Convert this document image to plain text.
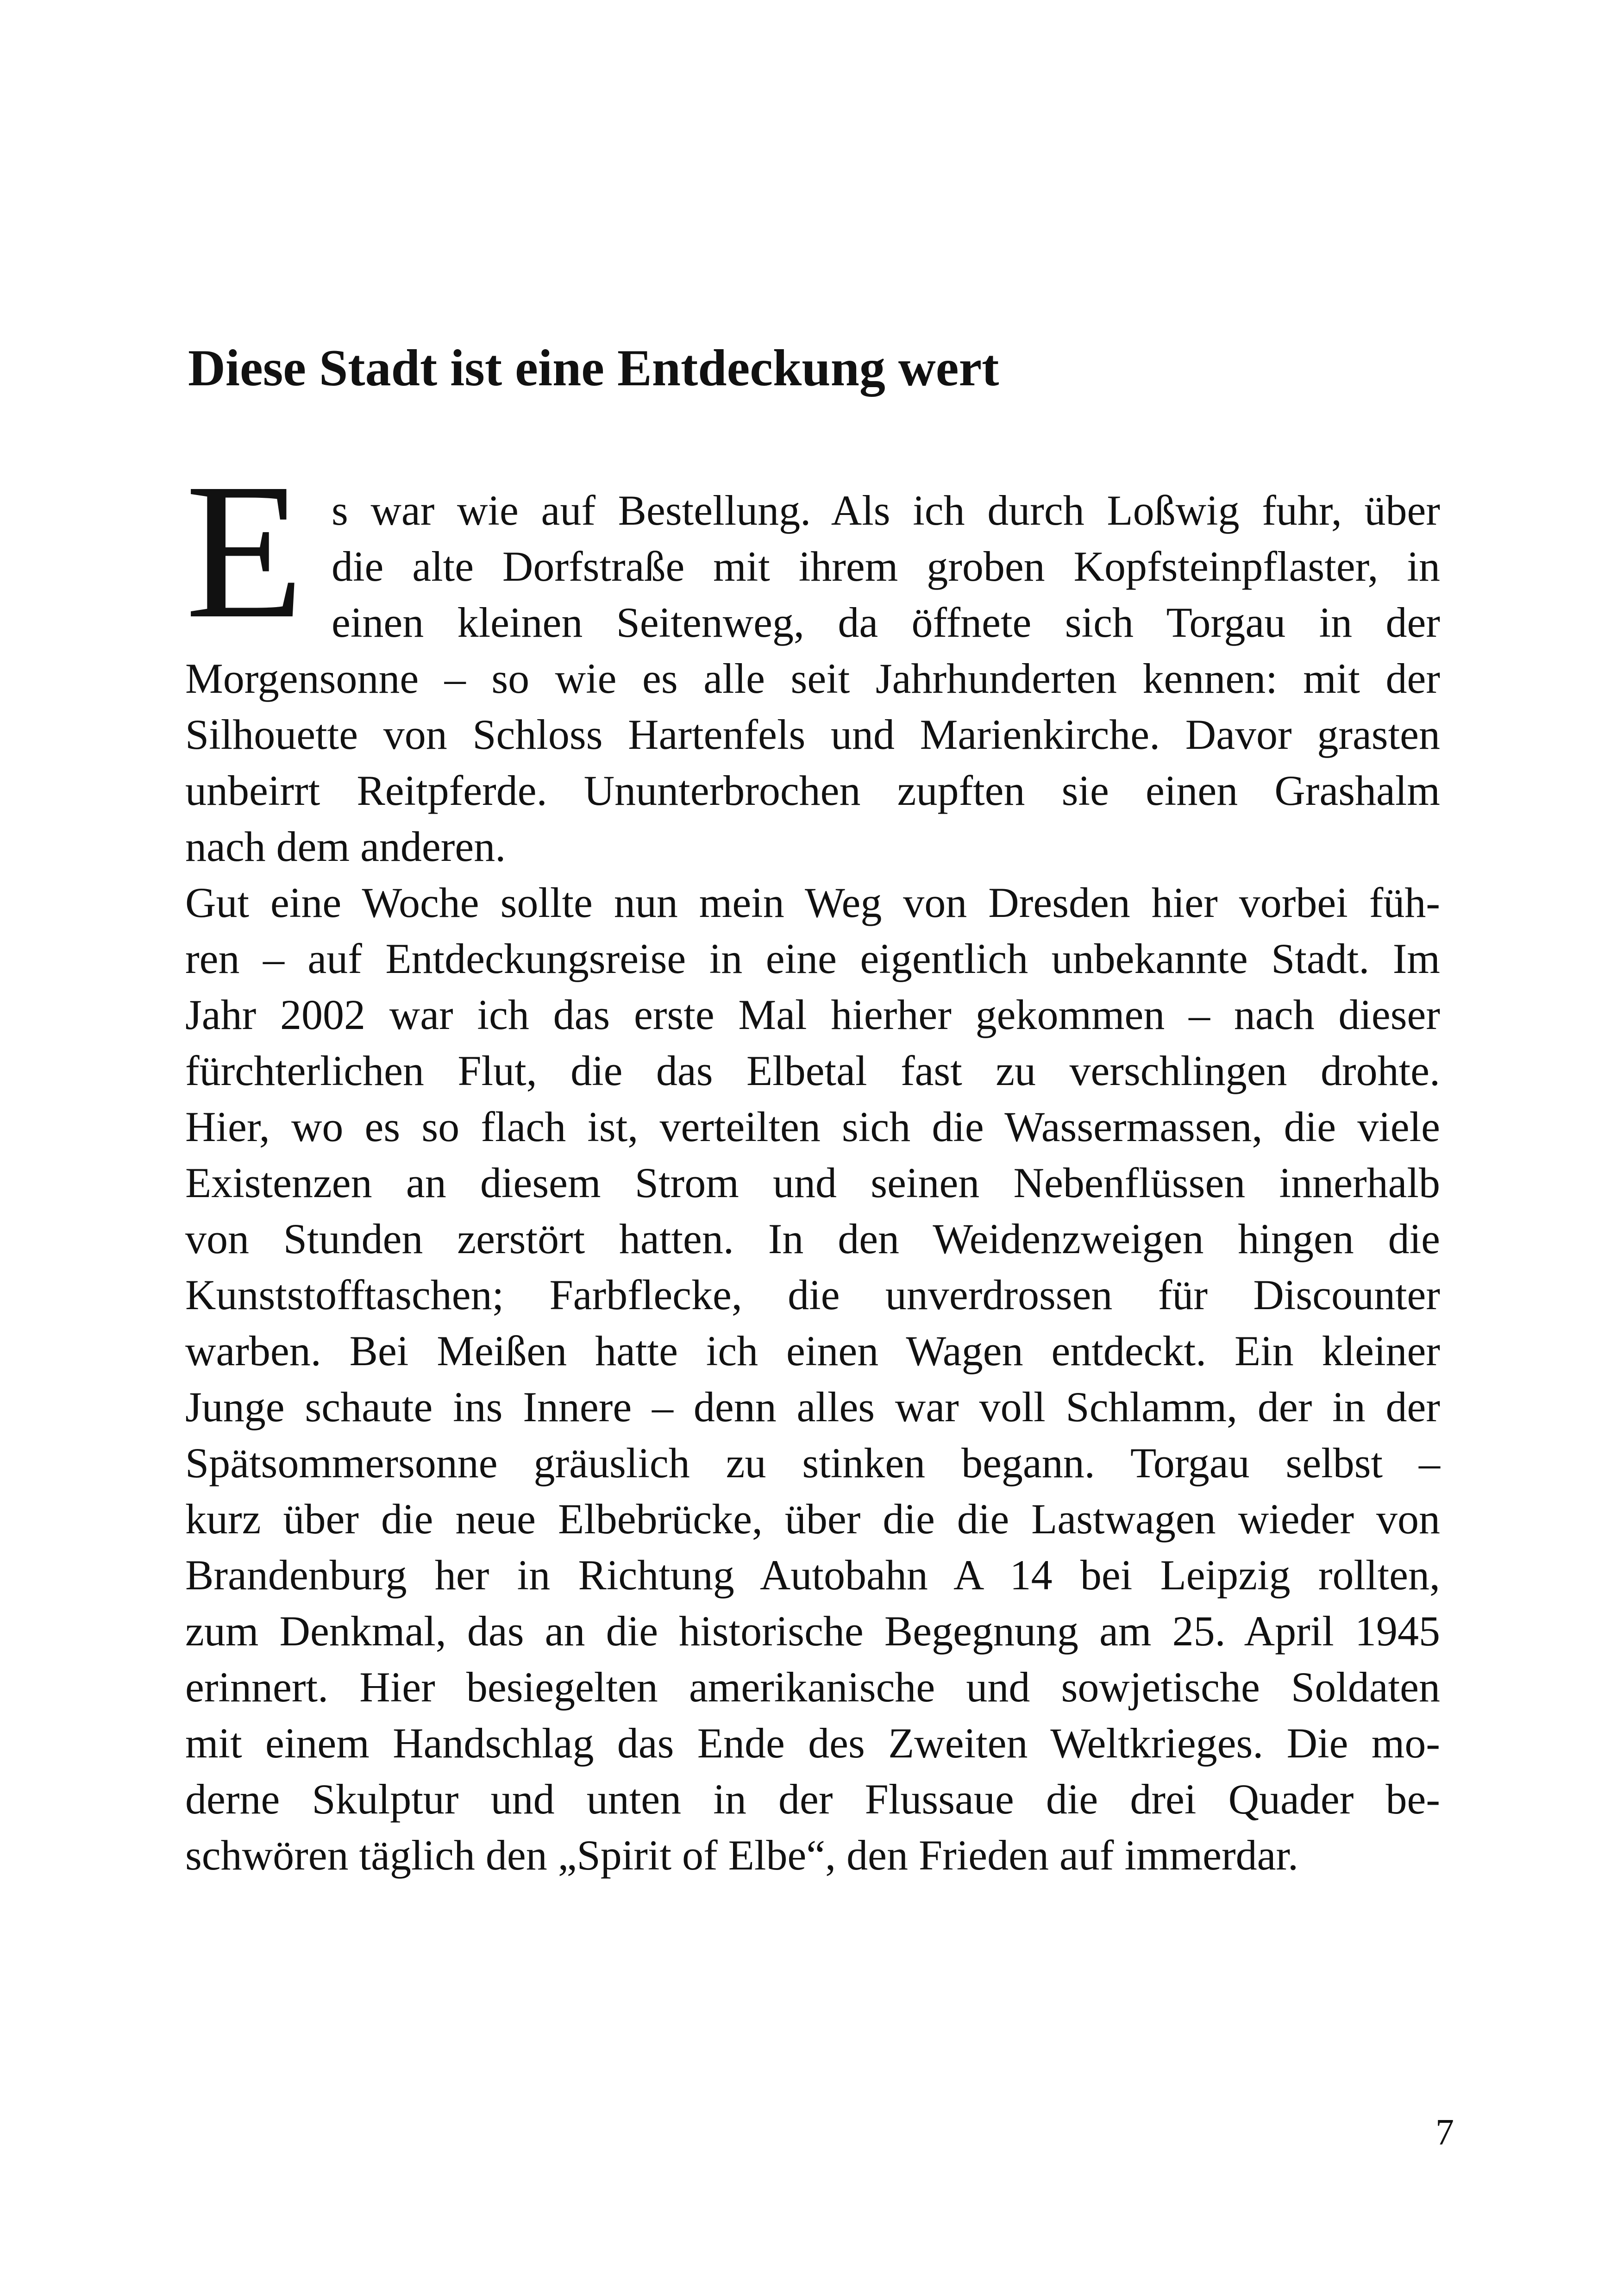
Diese Stadt ist eine Entdeckung wert
E s war wie auf Bestellung. Als ich durch Loßwig fuhr, über
die alte Dorfstraße mit ihrem groben Kopfsteinpflaster, in
einen kleinen Seitenweg, da öffnete sich Torgau in der
Morgensonne – so wie es alle seit Jahrhunderten kennen: mit der
Silhouette von Schloss Hartenfels und Marienkirche. Davor grasten
unbeirrt Reitpferde. Ununterbrochen zupften sie einen Grashalm
nach dem anderen.
Gut eine Woche sollte nun mein Weg von Dresden hier vorbei füh-
ren – auf Entdeckungsreise in eine eigentlich unbekannte Stadt. Im
Jahr 2002 war ich das erste Mal hierher gekommen – nach dieser
fürchterlichen Flut, die das Elbetal fast zu verschlingen drohte.
Hier, wo es so flach ist, verteilten sich die Wassermassen, die viele
Existenzen an diesem Strom und seinen Nebenflüssen innerhalb
von Stunden zerstört hatten. In den Weidenzweigen hingen die
Kunststofftaschen; Farbflecke, die unverdrossen für Discounter
warben. Bei Meißen hatte ich einen Wagen entdeckt. Ein kleiner
Junge schaute ins Innere – denn alles war voll Schlamm, der in der
Spätsommersonne gräuslich zu stinken begann. Torgau selbst –
kurz über die neue Elbebrücke, über die die Lastwagen wieder von
Brandenburg her in Richtung Autobahn A 14 bei Leipzig rollten,
zum Denkmal, das an die historische Begegnung am 25. April 1945
erinnert. Hier besiegelten amerikanische und sowjetische Soldaten
mit einem Handschlag das Ende des Zweiten Weltkrieges. Die mo-
derne Skulptur und unten in der Flussaue die drei Quader be-
schwören täglich den „Spirit of Elbe“, den Frieden auf immerdar.
7
